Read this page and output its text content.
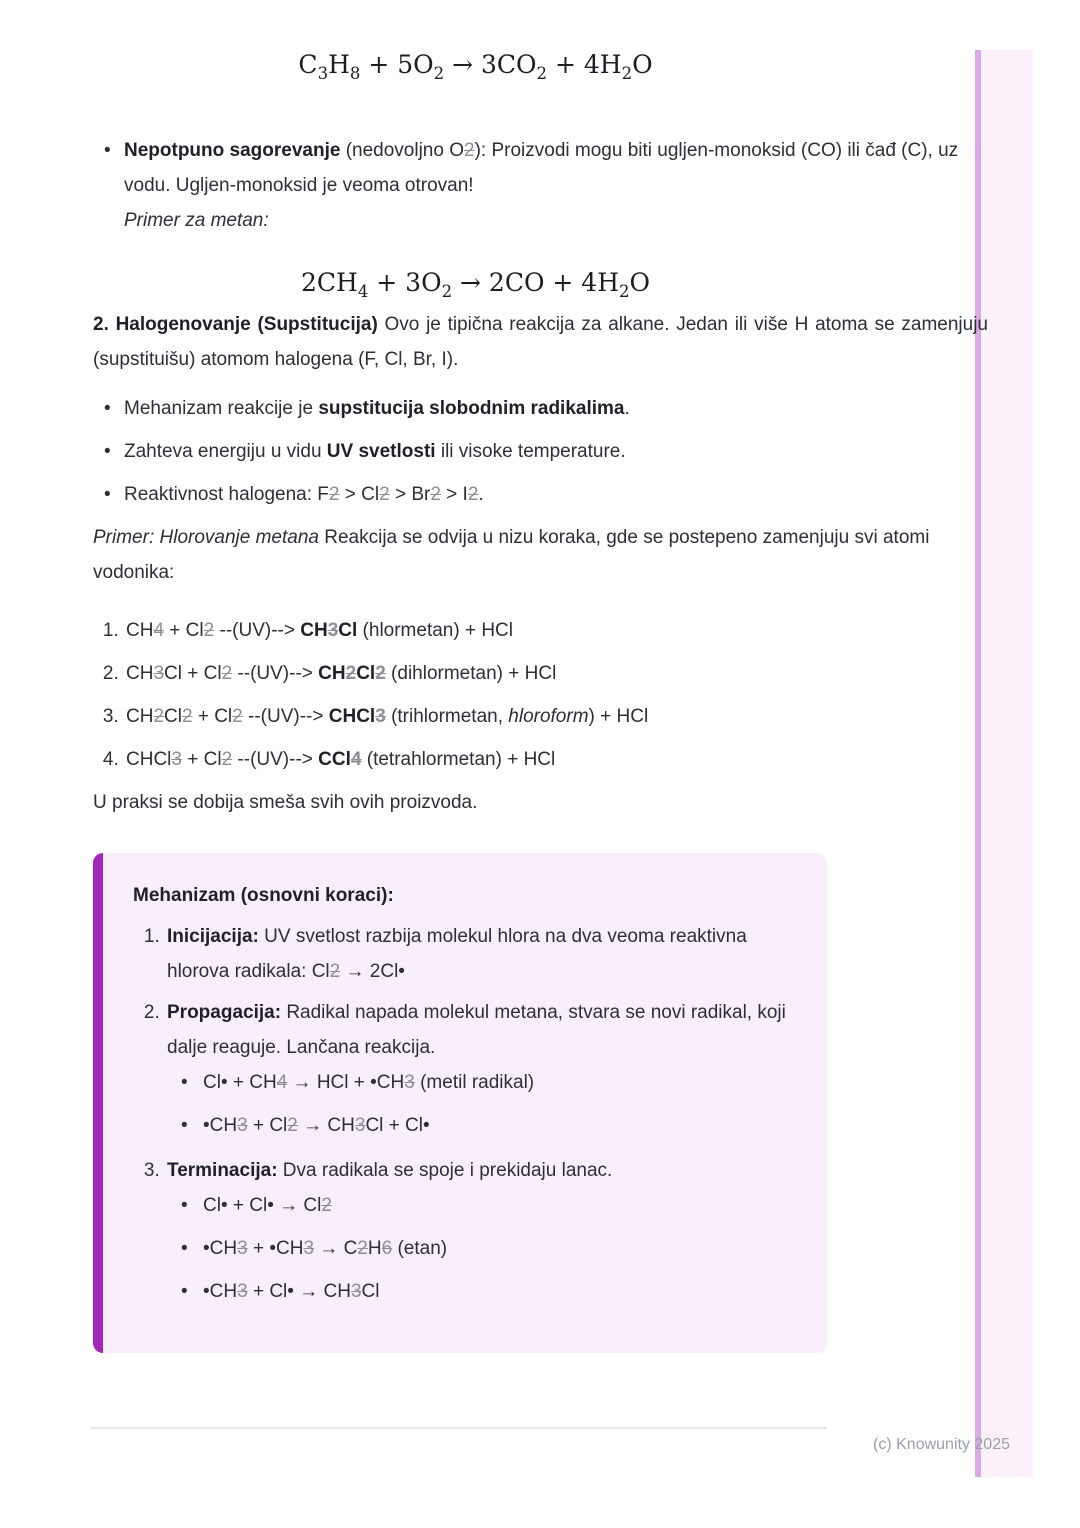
$C_3H_8 + 5O_2 \to 3CO_2 + 4H_2O$

• Nepotpuno sagorevanje (nedovoljno O2): Proizvodi mogu biti ugljen-monoksid (CO) ili čađ (C), uz vodu. Ugljen-monoksid je veoma otrovan!

Primer za metan:

$2CH_4 + 3O_2 \to 2CO + 4H_2O$

2. Halogenovanje (Supstitucija) Ovo je tipična reakcija za alkane. Jedan ili više H atoma se zamenjuju (supstituišu) atomom halogena (F, Cl, Br, I).

• Mehanizam reakcije je supstitucija slobodnim radikalima.
• Zahteva energiju u vidu UV svetlosti ili visoke temperature.
• Reaktivnost halogena: F2 > Cl2 > Br2 > I2.

Primer: Hlorovanje metana Reakcija se odvija u nizu koraka, gde se postepeno zamenjuju svi atomi vodonika:

1. CH4 + Cl2 --(UV)--> CH3Cl (hlormetan) + HCl
2. CH3Cl + Cl2 --(UV)--> CH2Cl2 (dihlormetan) + HCl
3. CH2Cl2 + Cl2 --(UV)--> CHCl3 (trihlormetan, hloroform) + HCl
4. CHCl3 + Cl2 --(UV)--> CCl4 (tetrahlormetan) + HCl

U praksi se dobija smeša svih ovih proizvoda.

Mehanizam (osnovni koraci):

1. Inicijacija: UV svetlost razbija molekul hlora na dva veoma reaktivna hlorova radikala: Cl2 → 2Cl•
2. Propagacija: Radikal napada molekul metana, stvara se novi radikal, koji dalje reaguje. Lančana reakcija.
• Cl• + CH4 → HCl + •CH3 (metil radikal)
• •CH3 + Cl2 → CH3Cl + Cl•
3. Terminacija: Dva radikala se spoje i prekidaju lanac.
• Cl• + Cl• → Cl2
• •CH3 + •CH3 → C2H6 (etan)
• •CH3 + Cl• → CH3Cl
(c) Knowunity 2025
